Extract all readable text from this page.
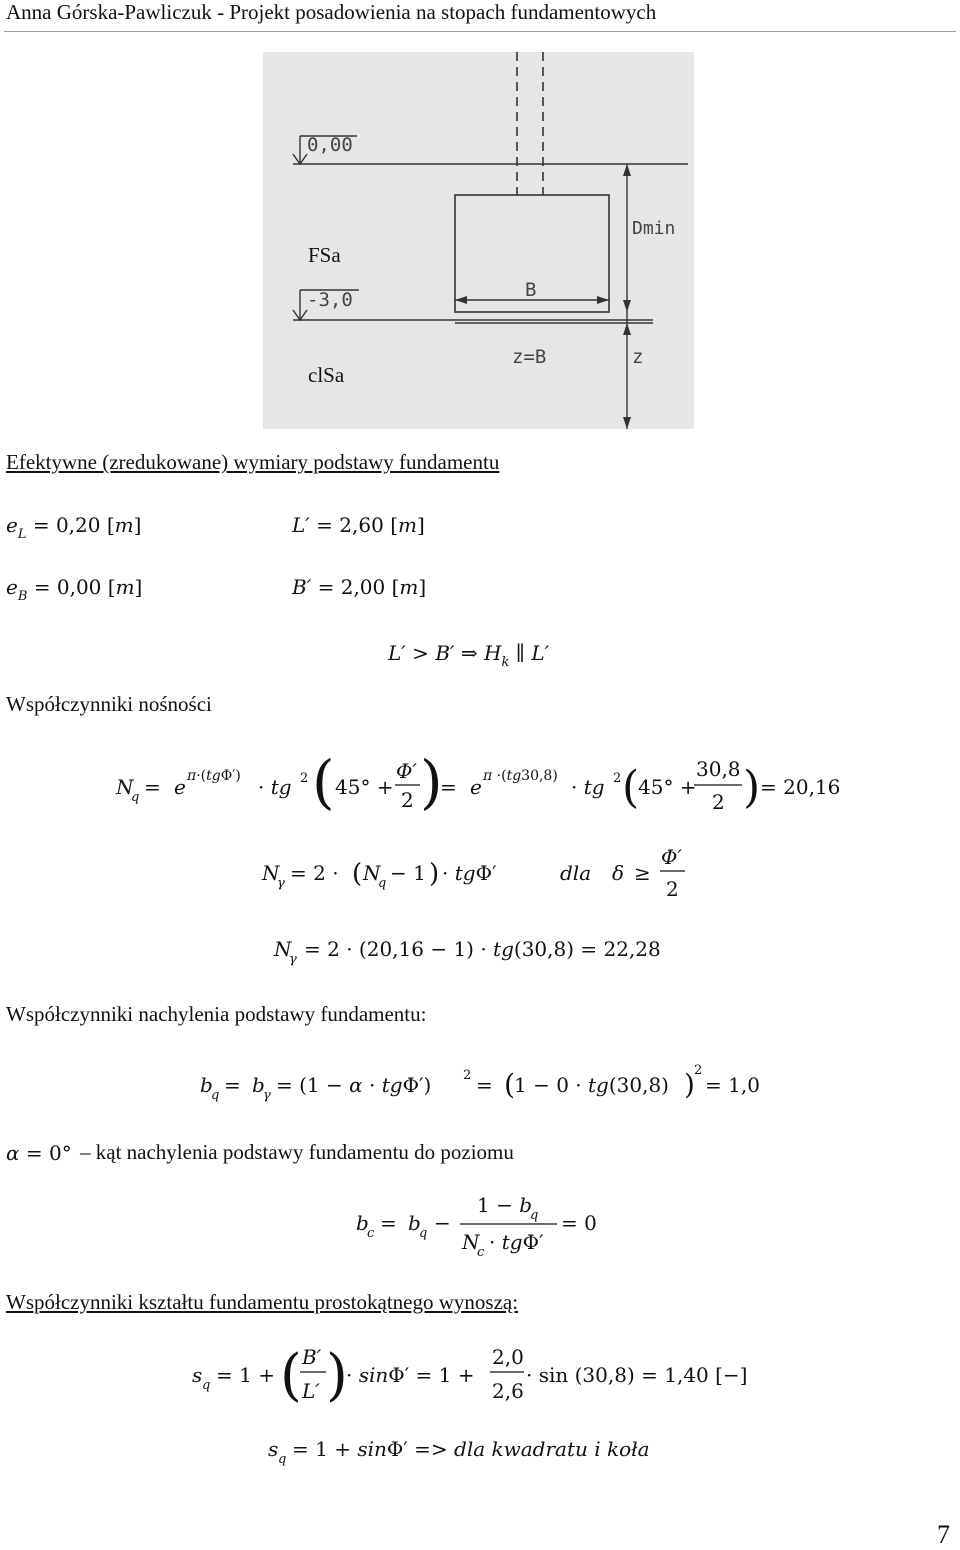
Anna Górska-Pawliczuk - Projekt posadowienia na stopach fundamentowych
0,00
FSa
clSa
-3,0	B
z=B
Dmin
z
Efektywne (zredukowane) wymiary podstawy fundamentu
$e_L = 0,20$ [m]	L′ = 2,60 [m]
$e_B = 0,00$ [m]	B′ = 2,00 [m]
L′ > B′ ⇒ $H_k$ ∥ L′
Współczynniki nośności
N
q = e π·(tgΦ′) · tg 2 ( 45° +
Φ′
2 )
= e π ·(tg30,8) · tg 2 (
45° +
30,8
2 ) = 20,16
N
γ = 2 · ( N
q − 1 ) · tgΦ′	dla δ ≥
Φ′
2
N
γ = 2 · (20,16 − 1) · tg(30,8) = 22,28
Współczynniki nachylenia podstawy fundamentu:
b
q = b
γ = (1 − α · tgΦ′) 2 = ( 1 − 0 · tg(30,8) ) 2
= 1,0
α = 0° – kąt nachylenia podstawy fundamentu do poziomu
b
c = b
q −
1 − b
q
N
c · tgΦ′
= 0
Współczynniki kształtu fundamentu prostokątnego wynoszą:
s q = 1 + ( B′
L′ )
· sinΦ′ = 1 +
2,0
2,6
· sin (30,8) = 1,40 [−]
s q = 1 + sinΦ′ => dla kwadratu i koła
7
